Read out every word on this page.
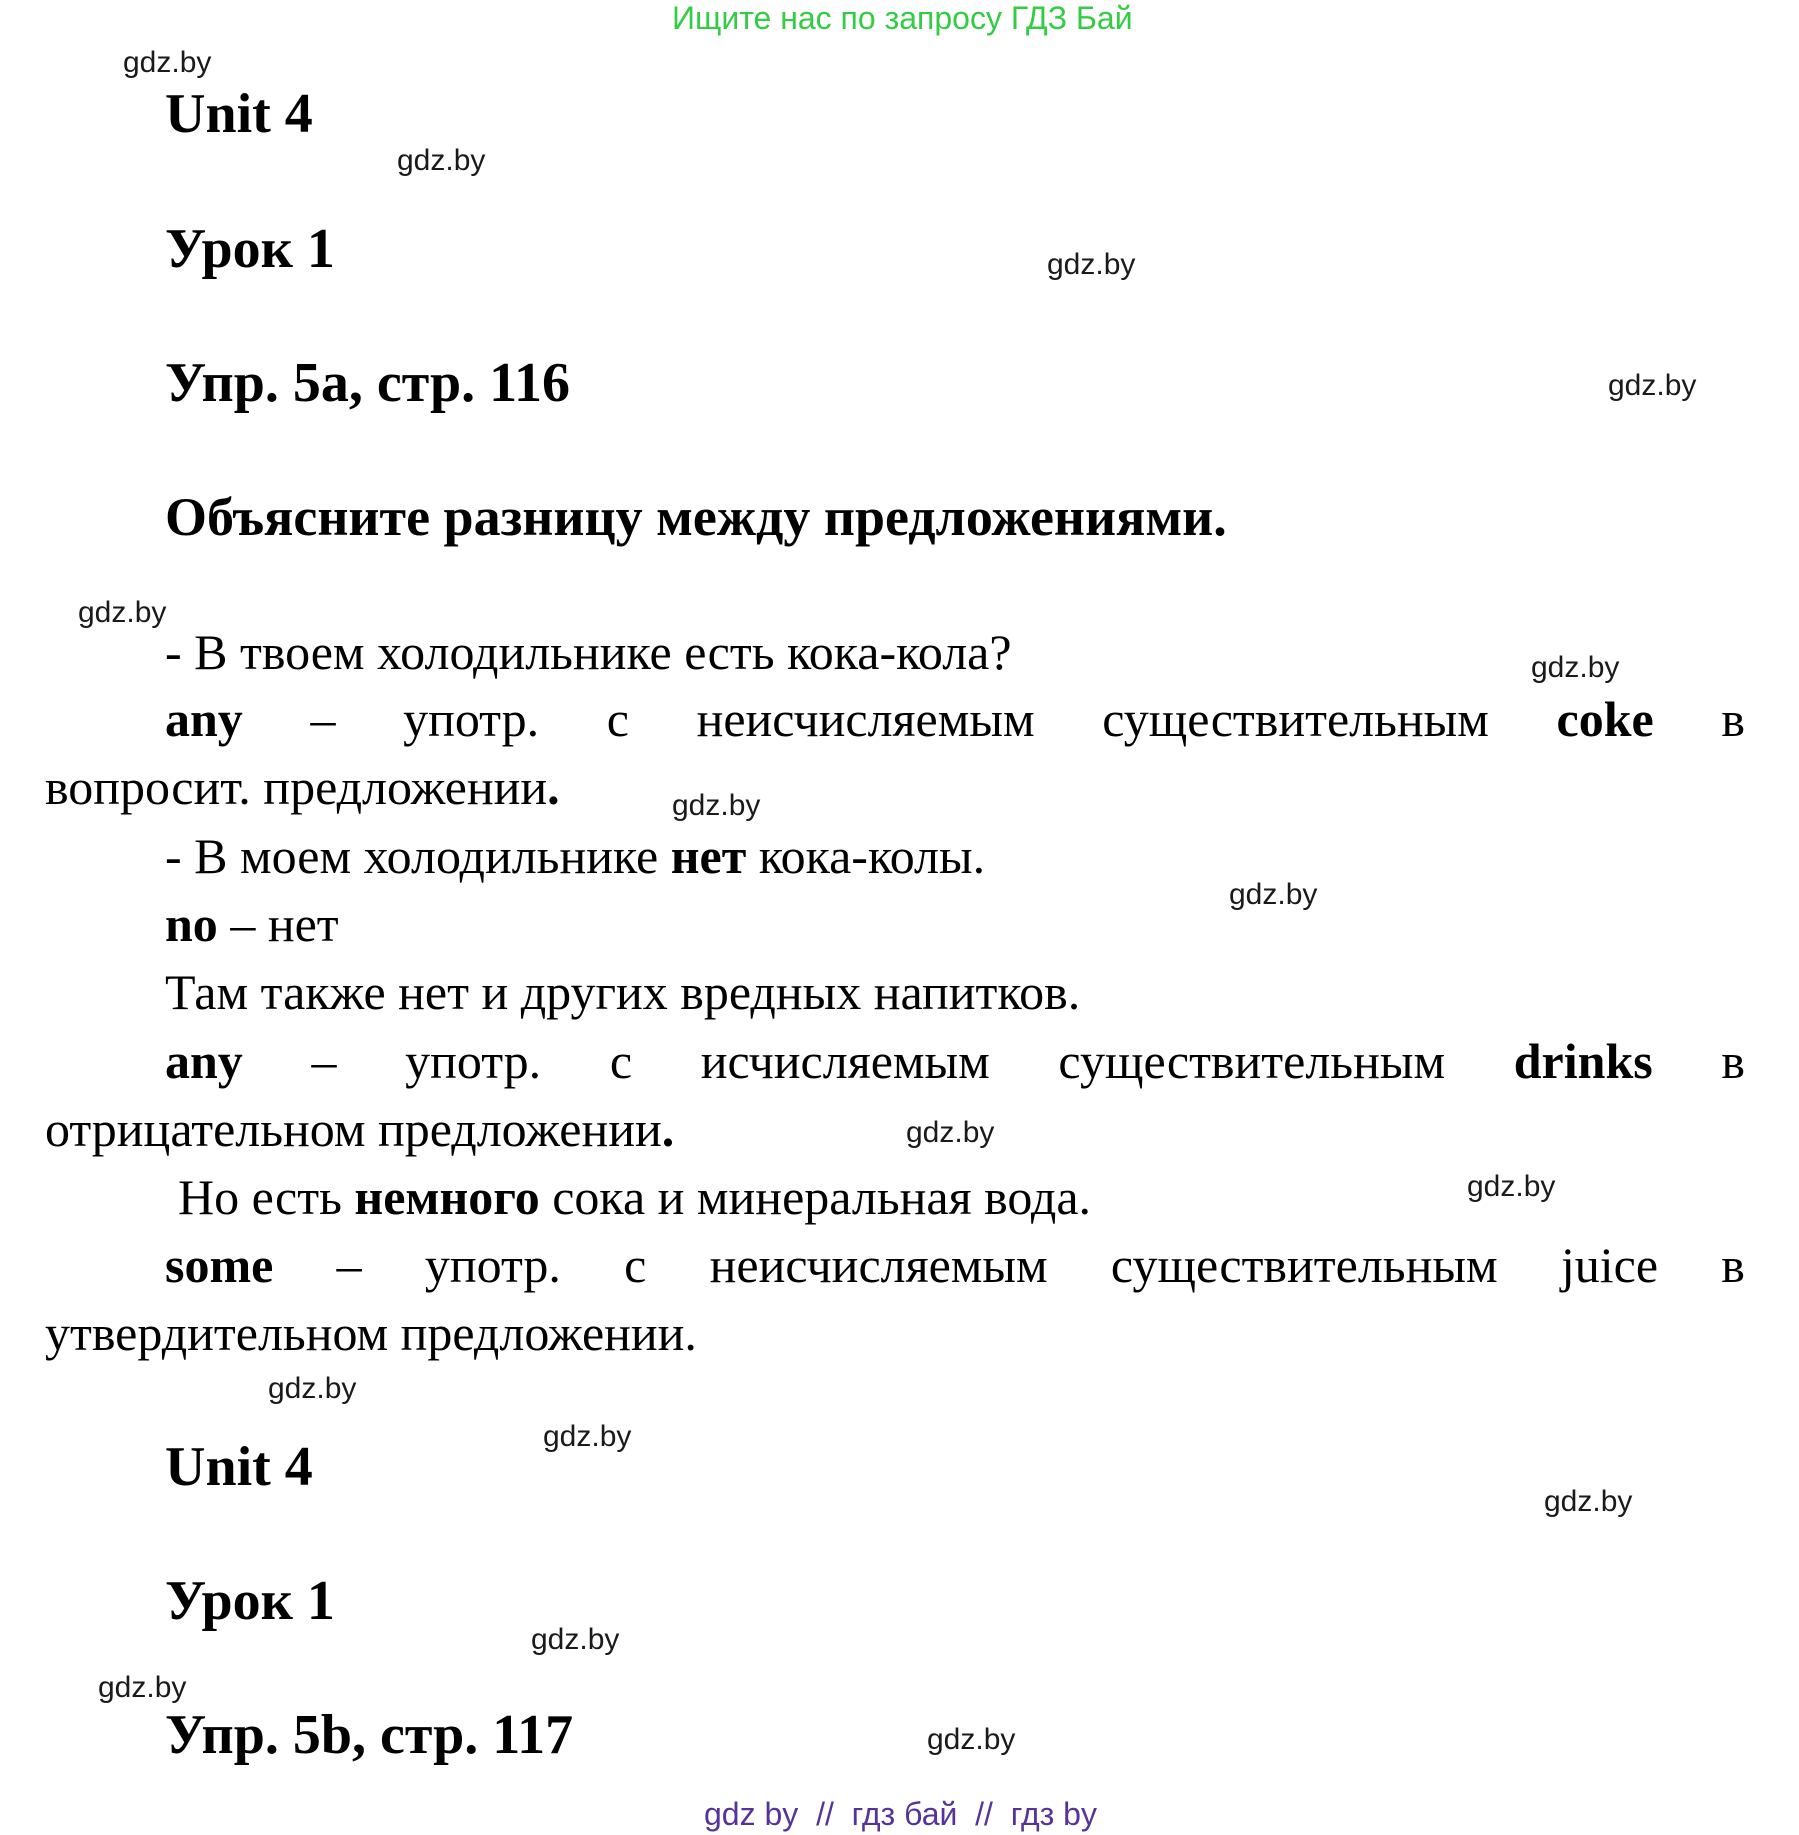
Ищите нас по запросу ГДЗ Бай
gdz.by
gdz.by
gdz.by
gdz.by
gdz.by
gdz.by
gdz.by
gdz.by
gdz.by
gdz.by
gdz.by
gdz.by
gdz.by
gdz.by
gdz.by
gdz.by
Unit 4
Урок 1
Упр. 5a, стр. 116
Объясните разницу между предложениями.
- В твоем холодильнике есть кока-кола?
any – употр. с неисчисляемым существительным coke в
вопросит. предложении.
- В моем холодильнике нет кока-колы.
no – нет
Там также нет и других вредных напитков.
any – употр. с исчисляемым существительным drinks в
отрицательном предложении.
Но есть немного сока и минеральная вода.
some – употр. с неисчисляемым существительным juice в
утвердительном предложении.
Unit 4
Урок 1
Упр. 5b, стр. 117
gdz by  //  гдз бай  //  гдз by
